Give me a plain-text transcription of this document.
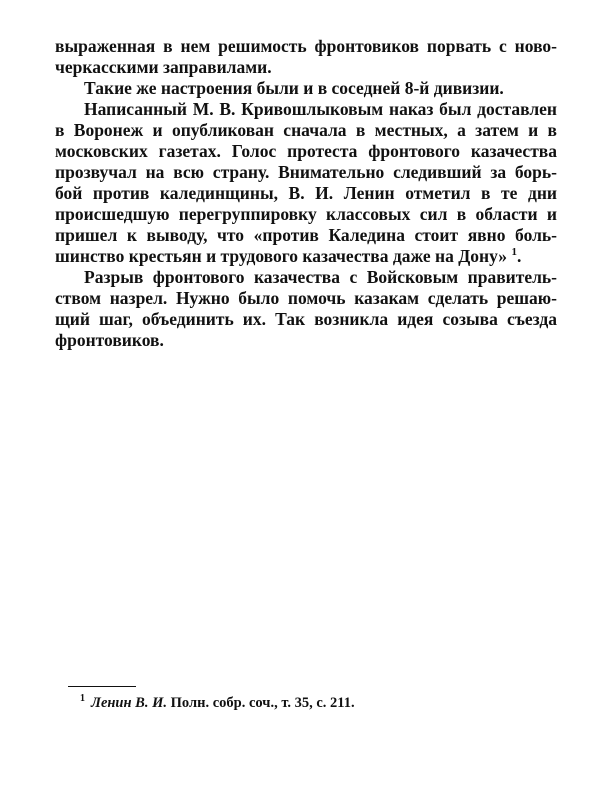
выраженная в нем решимость фронтовиков порвать с ново-
черкасскими заправилами.
Такие же настроения были и в соседней 8-й дивизии.
Написанный М. В. Кривошлыковым наказ был доставлен
в Воронеж и опубликован сначала в местных, а затем и в
московских газетах. Голос протеста фронтового казачества
прозвучал на всю страну. Внимательно следивший за борь-
бой против калединщины, В. И. Ленин отметил в те дни
происшедшую перегруппировку классовых сил в области и
пришел к выводу, что «против Каледина стоит явно боль-
шинство крестьян и трудового казачества даже на Дону» $^1$.
Разрыв фронтового казачества с Войсковым правитель-
ством назрел. Нужно было помочь казакам сделать решаю-
щий шаг, объединить их. Так возникла идея созыва съезда
фронтовиков.
$^1$ Ленин В. И. Полн. собр. соч., т. 35, с. 211.
